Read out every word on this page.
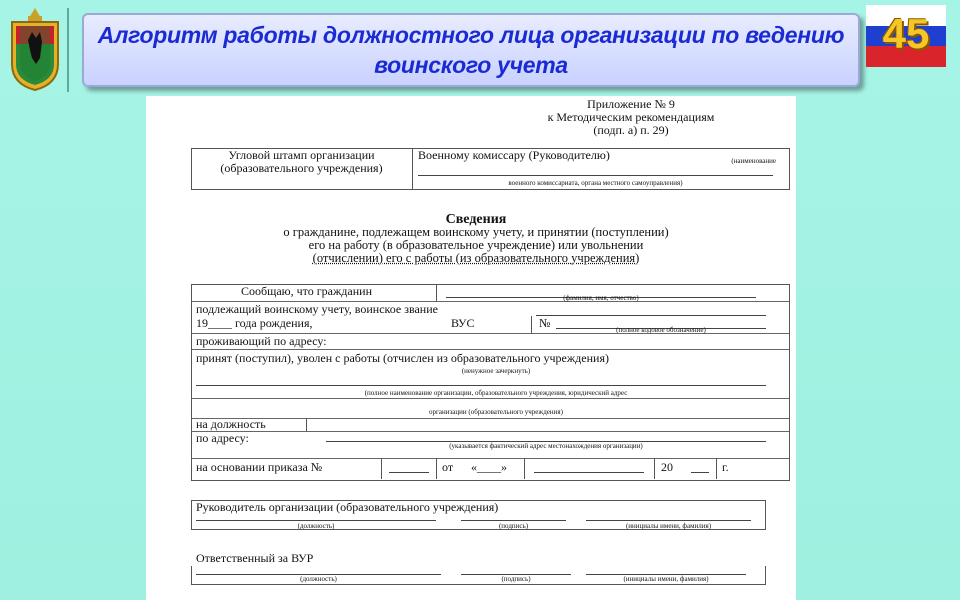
Алгоритм работы должностного лица организации по ведению воинского учета
45
Приложение № 9
к Методическим рекомендациям
(подп. а) п. 29)
Угловой штамп организации (образовательного учреждения)
Военному комиссару (Руководителю)	(наименование
военного комиссариата, органа местного самоуправления)
Сведения
о гражданине, подлежащем воинскому учету, и принятии (поступлении)
его на работу (в образовательное учреждение) или увольнении
(отчислении) его с работы (из образовательного учреждения)
Сообщаю, что гражданин	(фамилия, имя, отчество)
подлежащий воинскому учету, воинское звание
19____ года рождения,	ВУС	№	(полное кодовое обозначение)
проживающий по адресу:
принят (поступил), уволен с работы (отчислен из образовательного учреждения)
(ненужное зачеркнуть)
(полное наименование организации, образовательного учреждения, юридический адрес
организации (образовательного учреждения)
на должность
по адресу:
(указывается фактический адрес местонахождения организации)
на основании приказа №	от «____»	20	г.
Руководитель организации (образовательного учреждения)
(должность)	(подпись)	(инициалы имени, фамилия)
Ответственный за ВУР
(должность)	(подпись)	(инициалы имени, фамилия)
